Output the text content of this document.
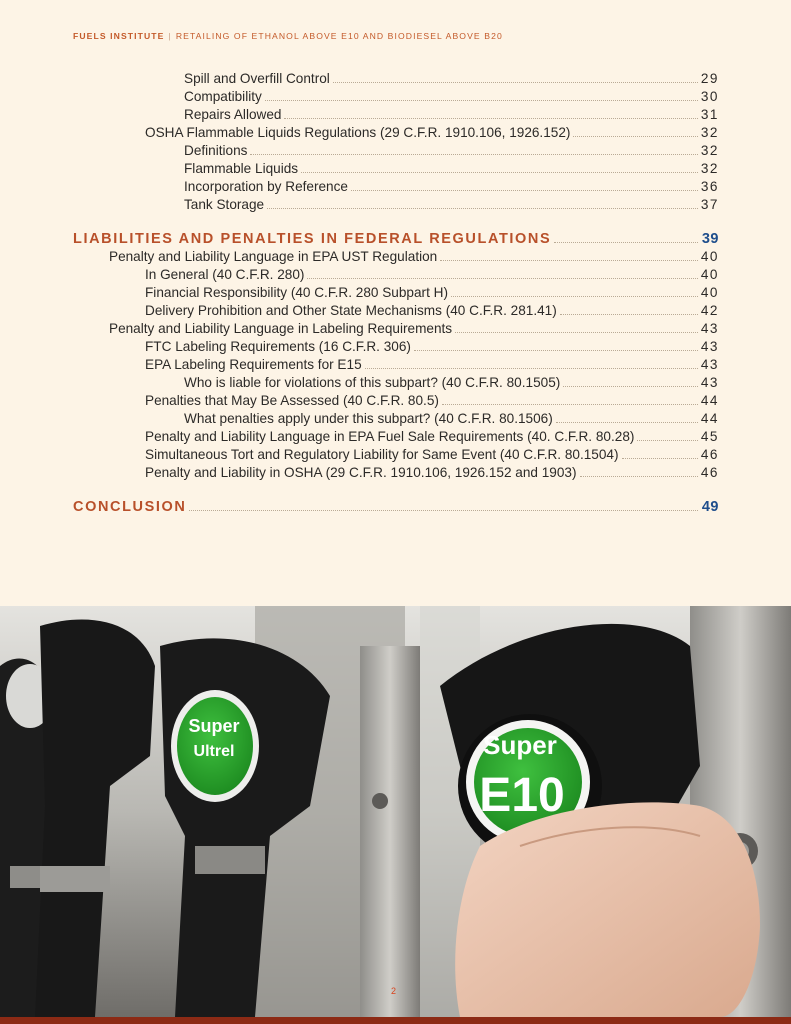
FUELS INSTITUTE | RETAILING OF ETHANOL ABOVE E10 AND BIODIESEL ABOVE B20
Spill and Overfill Control	29
Compatibility	30
Repairs Allowed	31
OSHA Flammable Liquids Regulations (29 C.F.R. 1910.106, 1926.152)	32
Definitions	32
Flammable Liquids	32
Incorporation by Reference	36
Tank Storage	37
LIABILITIES AND PENALTIES IN FEDERAL REGULATIONS	39
Penalty and Liability Language in EPA UST Regulation	40
In General (40 C.F.R. 280)	40
Financial Responsibility (40 C.F.R. 280 Subpart H)	40
Delivery Prohibition and Other State Mechanisms (40 C.F.R. 281.41)	42
Penalty and Liability Language in Labeling Requirements	43
FTC Labeling Requirements (16 C.F.R. 306)	43
EPA Labeling Requirements for E15	43
Who is liable for violations of this subpart? (40 C.F.R. 80.1505)	43
Penalties that May Be Assessed (40 C.F.R. 80.5)	44
What penalties apply under this subpart? (40 C.F.R. 80.1506)	44
Penalty and Liability Language in EPA Fuel Sale Requirements (40. C.F.R. 80.28)	45
Simultaneous Tort and Regulatory Liability for Same Event (40 C.F.R. 80.1504)	46
Penalty and Liability in OSHA (29 C.F.R. 1910.106, 1926.152 and 1903)	46
CONCLUSION	49
Super
Ultrel	Super
E10
2
